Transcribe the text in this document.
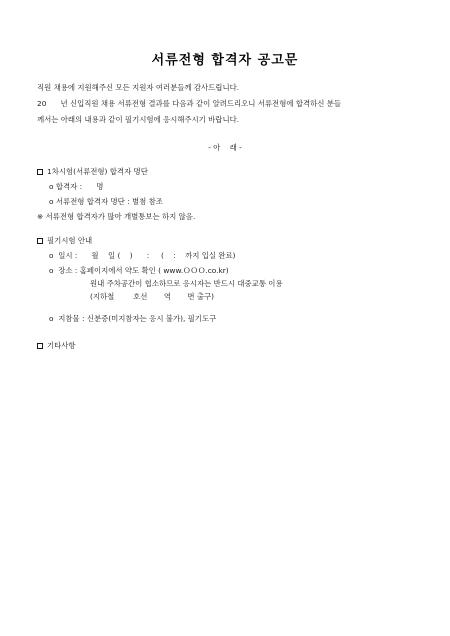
서류전형 합격자 공고문
직원 채용에 지원해주신 모든 지원자 여러분들께 감사드립니다.
20      년 신입직원 채용 서류전형 결과를 다음과 같이 알려드리오니 서류전형에 합격하신 분들
께서는 아래의 내용과 같이 필기시험에 응시해주시기 바랍니다.
- 아    래 -
1차시험(서류전형) 합격자 명단
o 합격자 :      명
o 서류전형 합격자 명단 : 별첨 참조
※ 서류전형 합격자가 많아 개별통보는 하지 않음.
필기시험 안내
o  일시 :      월    일 (    )      :     (    :    까지 입실 완료)
o  장소 : 홈페이지에서 약도 확인 ( www.ＯＯＯ.co.kr)
원내 주차공간이 협소하므로 응시자는 반드시 대중교통 이용
(지하철        호선       역       번 출구)
o  지참물 : 신분증(미지참자는 응시 불가), 필기도구
기타사항
